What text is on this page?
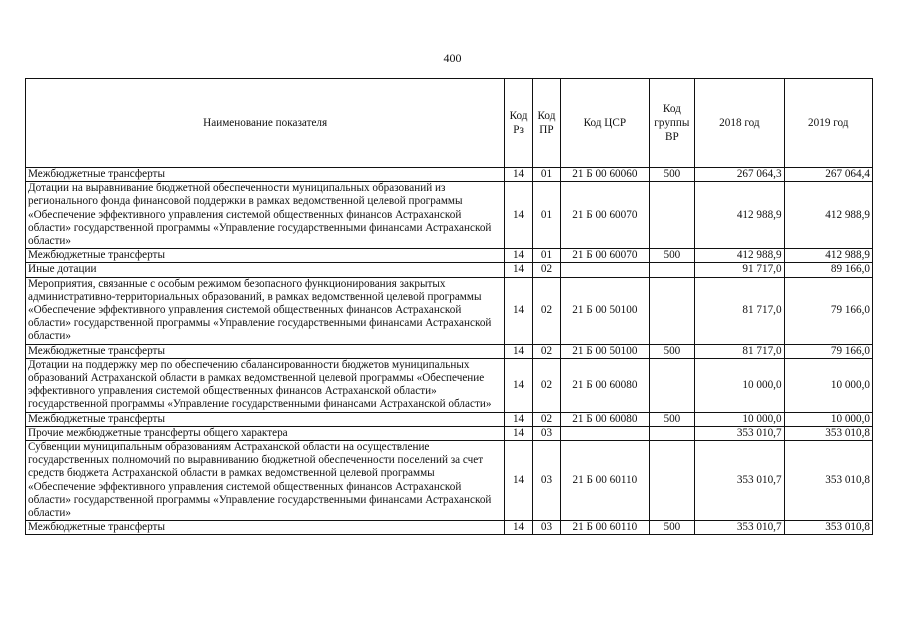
400
Наименование показателя	Код Рз	Код ПР	Код ЦСР	Код группы ВР	2018 год	2019 год
Межбюджетные трансферты	14	01	21 Б 00 60060	500	267 064,3	267 064,4
Дотации на выравнивание бюджетной обеспеченности муниципальных образований из регионального фонда финансовой поддержки в рамках ведомственной целевой программы «Обеспечение эффективного управления системой общественных финансов Астраханской области» государственной программы «Управление государственными финансами Астраханской области»	14	01	21 Б 00 60070		412 988,9	412 988,9
Межбюджетные трансферты	14	01	21 Б 00 60070	500	412 988,9	412 988,9
Иные дотации	14	02			91 717,0	89 166,0
Мероприятия, связанные с особым режимом безопасного функционирования закрытых административно-территориальных образований, в рамках ведомственной целевой программы «Обеспечение эффективного управления системой общественных финансов Астраханской области» государственной программы «Управление государственными финансами Астраханской области»	14	02	21 Б 00 50100		81 717,0	79 166,0
Межбюджетные трансферты	14	02	21 Б 00 50100	500	81 717,0	79 166,0
Дотации на поддержку мер по обеспечению сбалансированности бюджетов муниципальных образований Астраханской области в рамках ведомственной целевой программы «Обеспечение эффективного управления системой общественных финансов Астраханской области» государственной программы «Управление государственными финансами Астраханской области»	14	02	21 Б 00 60080		10 000,0	10 000,0
Межбюджетные трансферты	14	02	21 Б 00 60080	500	10 000,0	10 000,0
Прочие межбюджетные трансферты общего характера	14	03			353 010,7	353 010,8
Субвенции муниципальным образованиям Астраханской области на осуществление государственных полномочий по выравниванию бюджетной обеспеченности поселений за счет средств бюджета Астраханской области в рамках ведомственной целевой программы «Обеспечение эффективного управления системой общественных финансов Астраханской области» государственной программы «Управление государственными финансами Астраханской области»	14	03	21 Б 00 60110		353 010,7	353 010,8
Межбюджетные трансферты	14	03	21 Б 00 60110	500	353 010,7	353 010,8
